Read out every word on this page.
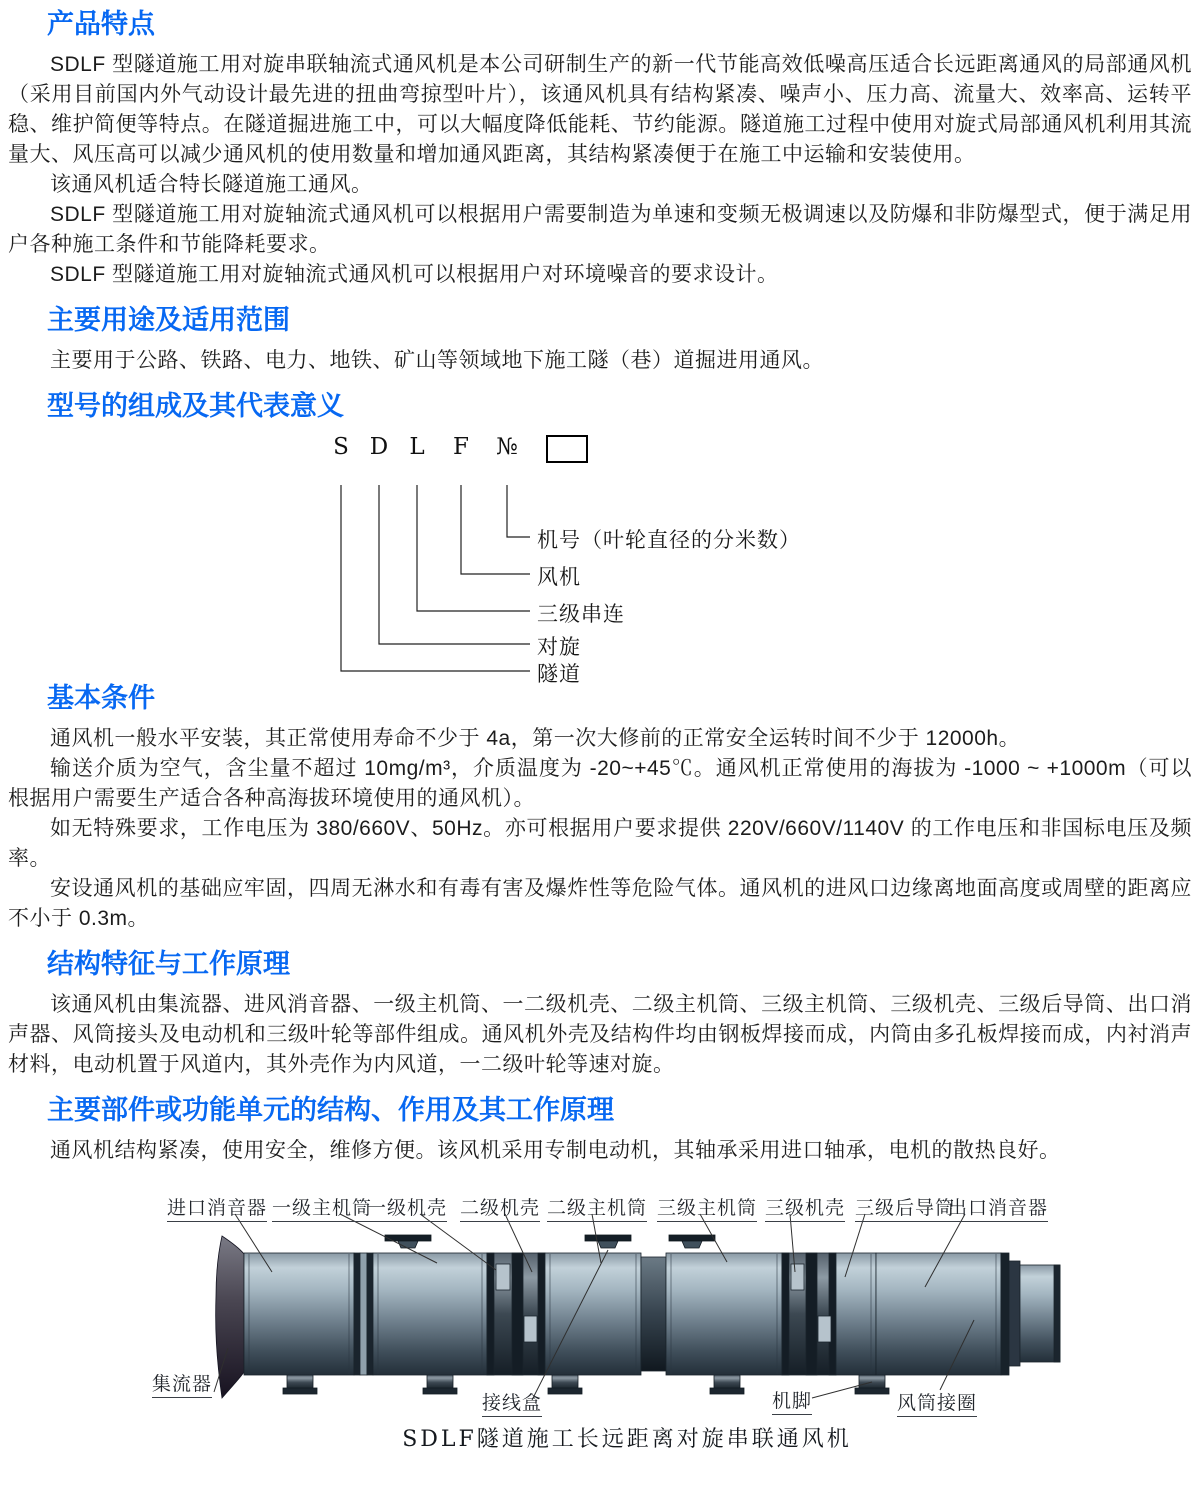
产品特点

SDLF 型隧道施工用对旋串联轴流式通风机是本公司研制生产的新一代节能高效低噪高压适合长远距离通风的局部通风机（采用目前国内外气动设计最先进的扭曲弯掠型叶片），该通风机具有结构紧凑、噪声小、压力高、流量大、效率高、运转平稳、维护简便等特点。在隧道掘进施工中，可以大幅度降低能耗、节约能源。隧道施工过程中使用对旋式局部通风机利用其流量大、风压高可以减少通风机的使用数量和增加通风距离，其结构紧凑便于在施工中运输和安装使用。

该通风机适合特长隧道施工通风。

SDLF 型隧道施工用对旋轴流式通风机可以根据用户需要制造为单速和变频无极调速以及防爆和非防爆型式，便于满足用户各种施工条件和节能降耗要求。

SDLF 型隧道施工用对旋轴流式通风机可以根据用户对环境噪音的要求设计。

主要用途及适用范围

主要用于公路、铁路、电力、地铁、矿山等领域地下施工隧（巷）道掘进用通风。

型号的组成及其代表意义
S D L F №
机号（叶轮直径的分米数）
风机
三级串连
对旋
隧道
基本条件

通风机一般水平安装，其正常使用寿命不少于 4a，第一次大修前的正常安全运转时间不少于 12000h。

输送介质为空气，含尘量不超过 10mg/m³，介质温度为 -20~+45℃。通风机正常使用的海拔为 -1000 ~ +1000m（可以根据用户需要生产适合各种高海拔环境使用的通风机）。

如无特殊要求，工作电压为 380/660V、50Hz。亦可根据用户要求提供 220V/660V/1140V 的工作电压和非国标电压及频率。

安设通风机的基础应牢固，四周无淋水和有毒有害及爆炸性等危险气体。通风机的进风口边缘离地面高度或周壁的距离应不小于 0.3m。

结构特征与工作原理

该通风机由集流器、进风消音器、一级主机筒、一二级机壳、二级主机筒、三级主机筒、三级机壳、三级后导筒、出口消声器、风筒接头及电动机和三级叶轮等部件组成。通风机外壳及结构件均由钢板焊接而成，内筒由多孔板焊接而成，内衬消声材料，电动机置于风道内，其外壳作为内风道，一二级叶轮等速对旋。

主要部件或功能单元的结构、作用及其工作原理

通风机结构紧凑，使用安全，维修方便。该风机采用专制电动机，其轴承采用进口轴承，电机的散热良好。

进口消音器 一级主机筒
一级机壳 二级机壳 二级主机筒 三级主机筒 三级机壳 三级后导筒
出口消音器
集流器
接线盒	机脚	风筒接圈
SDLF隧道施工长远距离对旋串联通风机
